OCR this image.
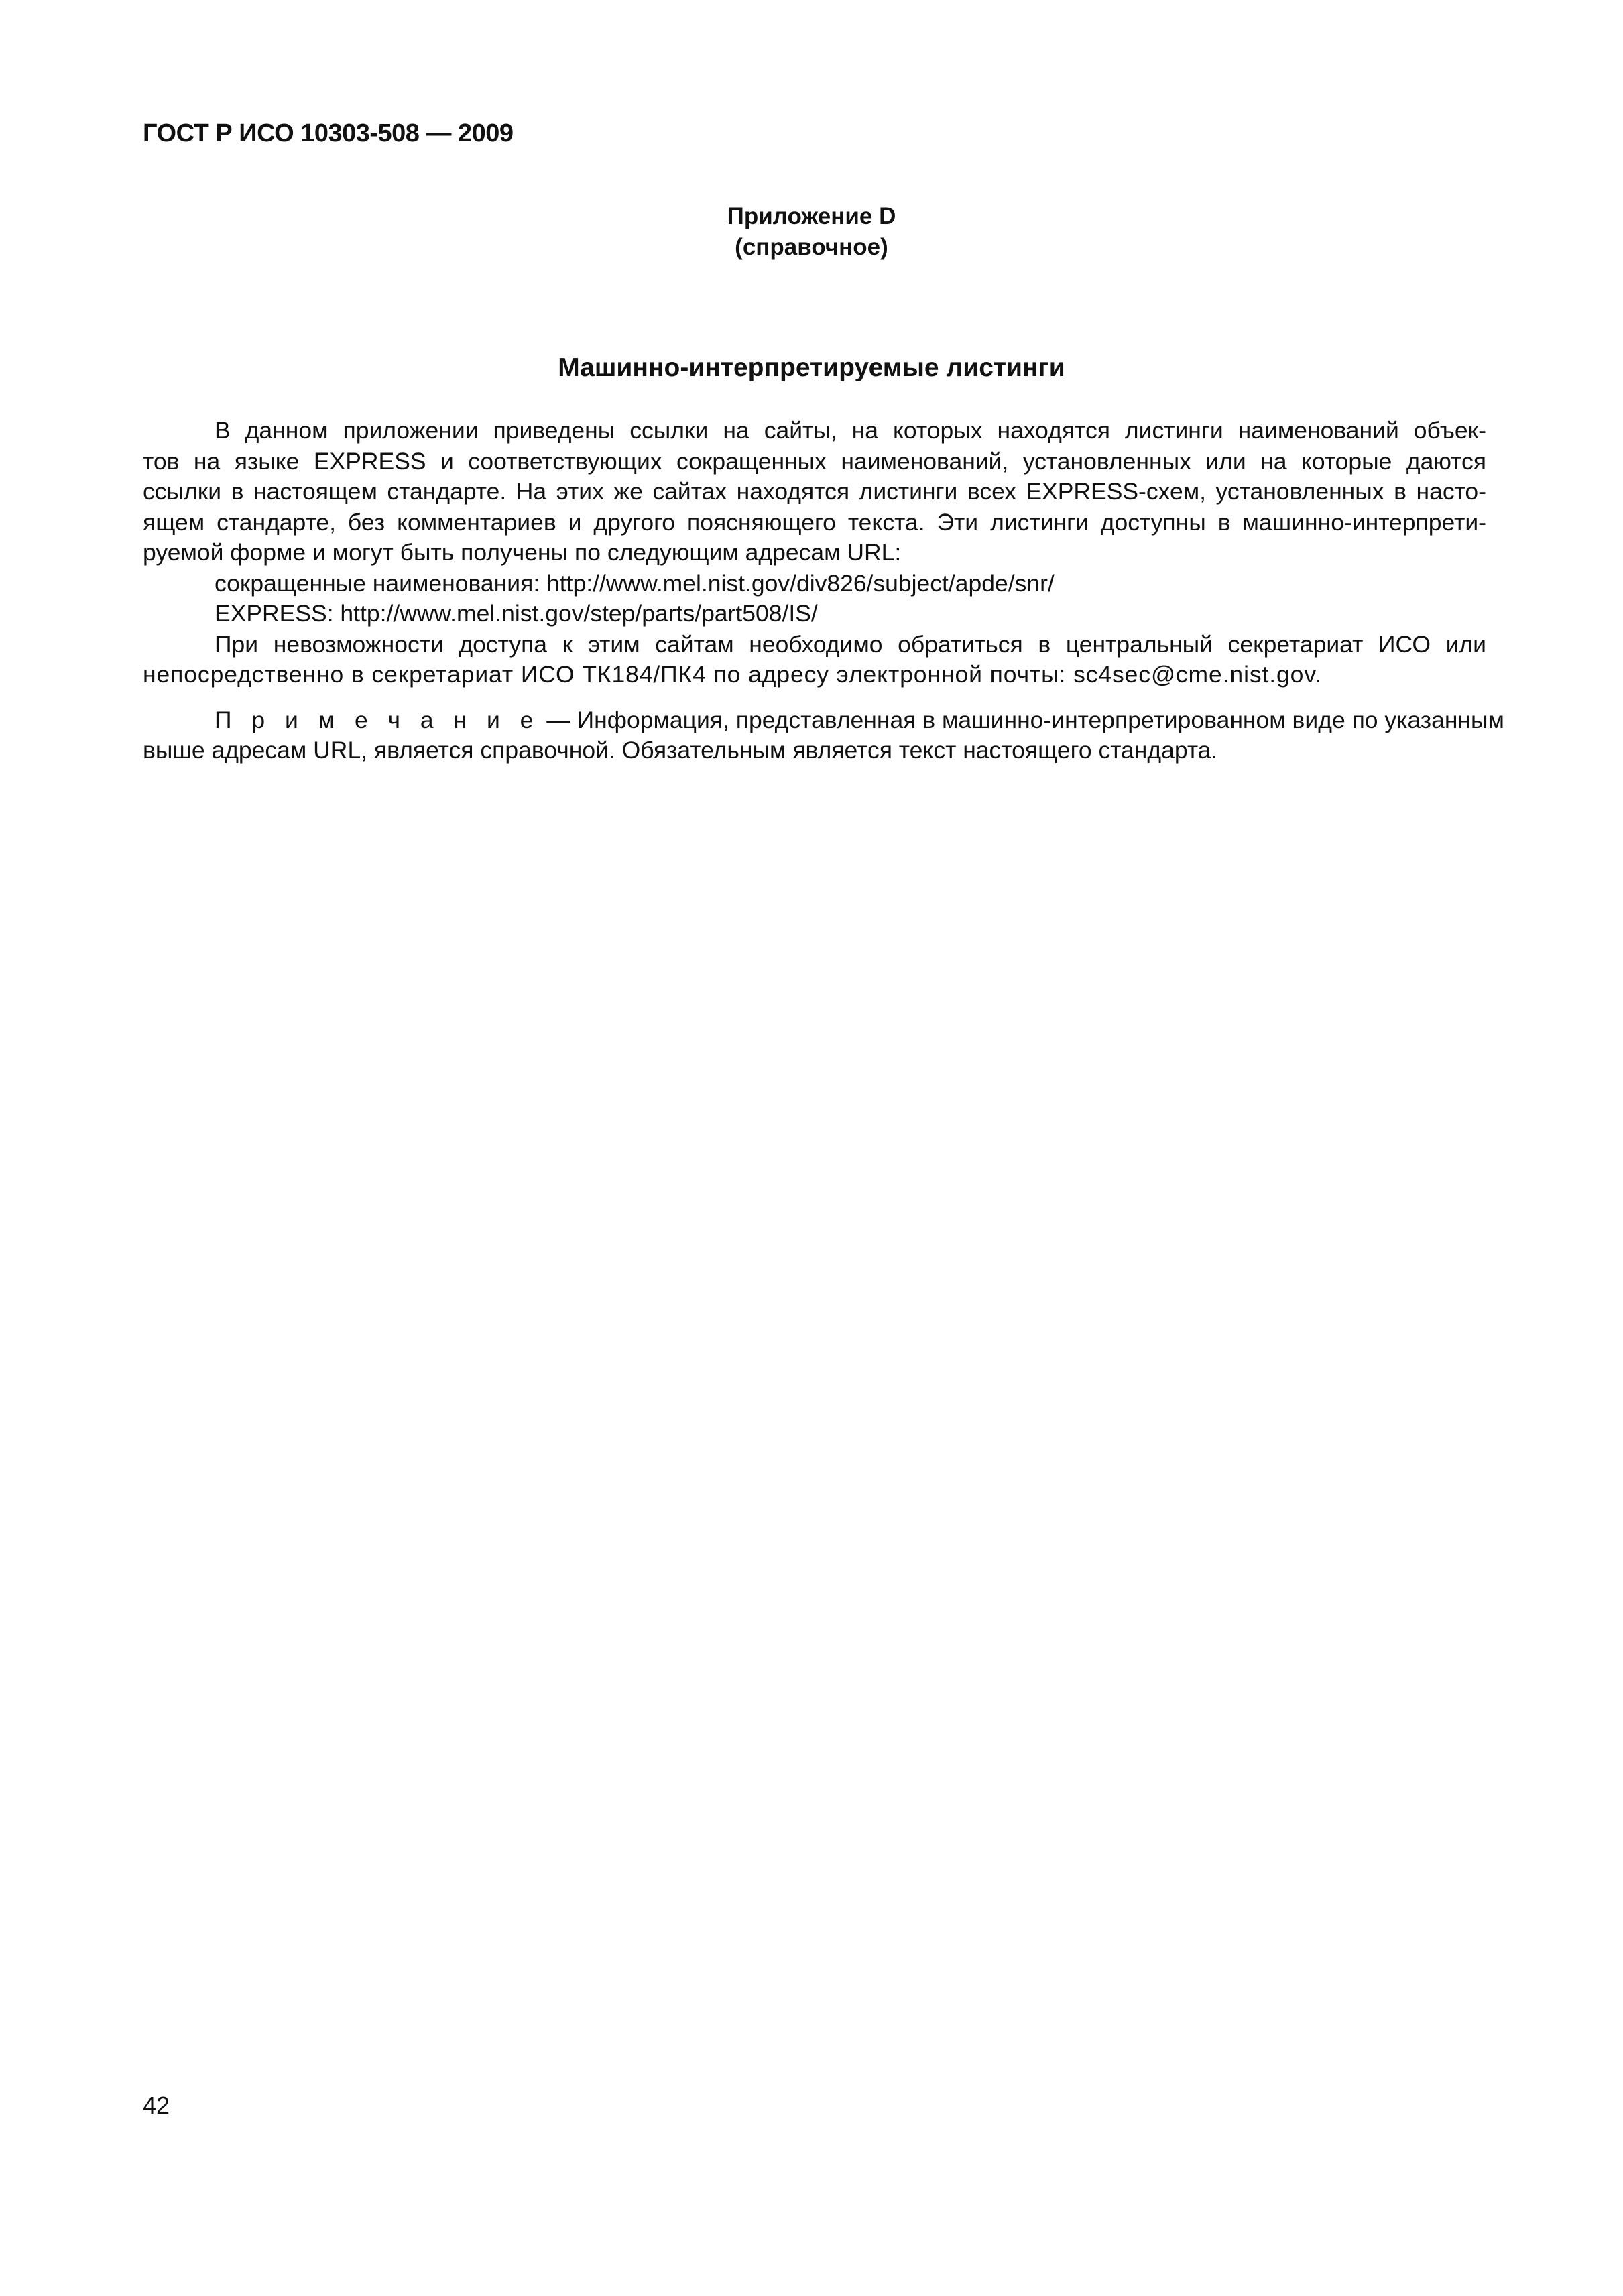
ГОСТ Р ИСО 10303-508 — 2009
Приложение D
(справочное)
Машинно-интерпретируемые листинги
В данном приложении приведены ссылки на сайты, на которых находятся листинги наименований объек-
тов на языке EXPRESS и соответствующих сокращенных наименований, установленных или на которые даются
ссылки в настоящем стандарте. На этих же сайтах находятся листинги всех EXPRESS-схем, установленных в насто-
ящем стандарте, без комментариев и другого поясняющего текста. Эти листинги доступны в машинно-интерпрети-
руемой форме и могут быть получены по следующим адресам URL:
сокращенные наименования: http://www.mel.nist.gov/div826/subject/apde/snr/
EXPRESS: http://www.mel.nist.gov/step/parts/part508/IS/
При невозможности доступа к этим сайтам необходимо обратиться в центральный секретариат ИСО или
непосредственно в секретариат ИСО ТК184/ПК4 по адресу электронной почты: sc4sec@cme.nist.gov.
П р и м е ч а н и е — Информация, представленная в машинно-интерпретированном виде по указанным
выше адресам URL, является справочной. Обязательным является текст настоящего стандарта.
42
